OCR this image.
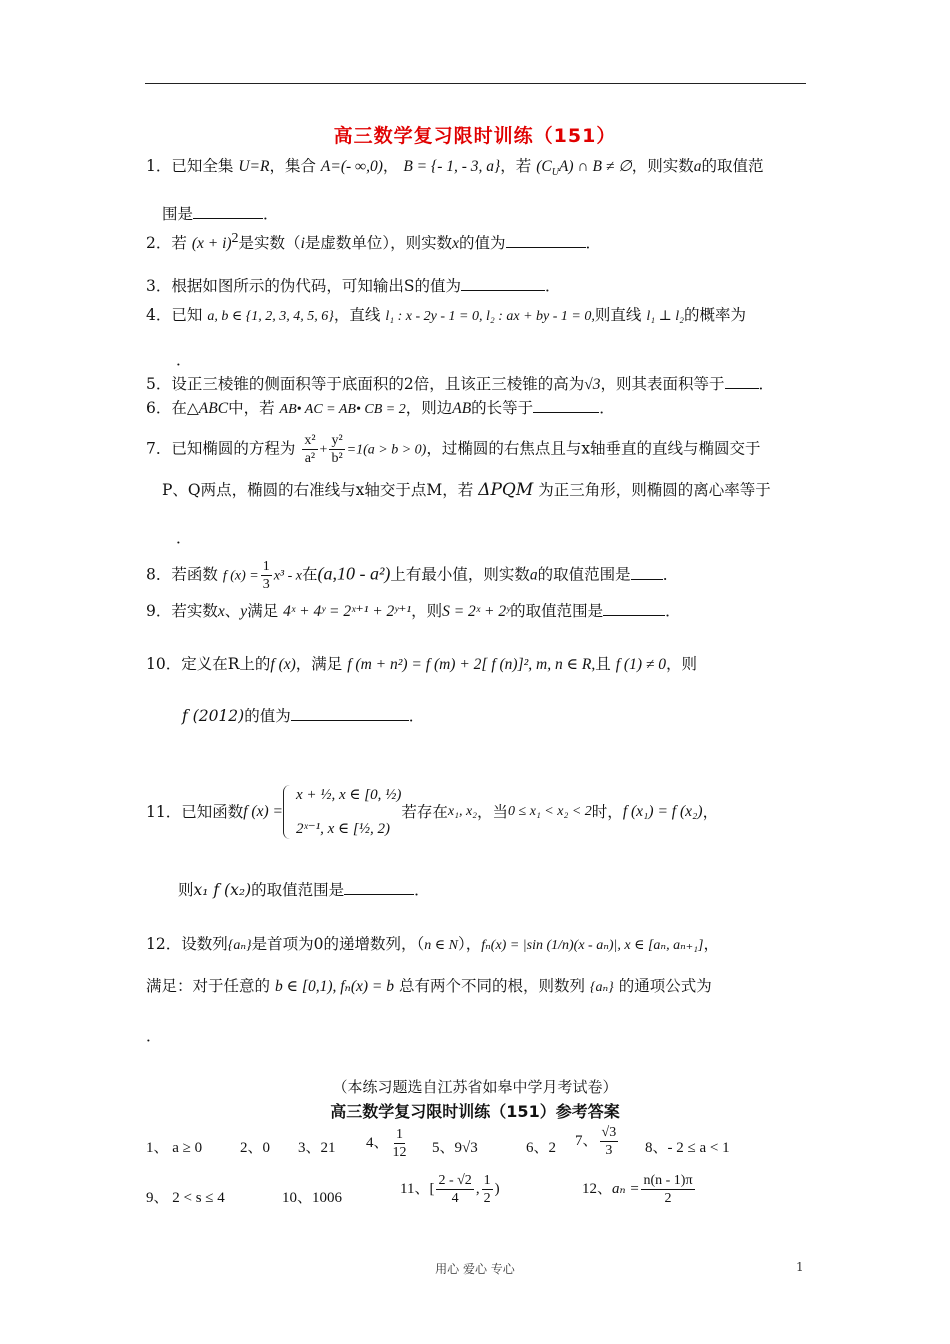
高三数学复习限时训练（151）
1．已知全集 U=R，集合 A=(- ∞,0)， B = {- 1, - 3, a}，若 $(C_UA)$ ∩ B ≠ ∅，则实数a的取值范
围是	．
2．若 $(x + i)^2$是实数（i是虚数单位），则实数x的值为	．
3．根据如图所示的伪代码，可知输出S的值为	．
4．已知 a, b ∈ {1, 2, 3, 4, 5, 6}，直线 l₁ : x - 2y - 1 = 0, l₂ : ax + by - 1 = 0,则直线 l₁ ⊥ l₂的概率为
．
5．设正三棱锥的侧面积等于底面积的2倍，且该正三棱锥的高为√3，则其表面积等于 ．
6．在△ABC中，若 AB• AC = AB• CB = 2，则边AB的长等于	．
7．已知椭圆的方程为 $\frac{\text{x²}}{\text{a²}} + \frac{\text{y²}}{\text{b²}} =1(a > b > 0)$，过椭圆的右焦点且与x轴垂直的直线与椭圆交于
P、Q两点，椭圆的右准线与x轴交于点M，若 ΔPQM 为正三角形，则椭圆的离心率等于
．
8．若函数 f $(x) = \frac{1}{3} x^3 - x$在(a,10 - a²)上有最小值，则实数a的取值范围是 ．
9．若实数x、y满足 4ˣ + 4ʸ = 2ˣ⁺¹ + 2ʸ⁺¹，则S = 2ˣ + 2ʸ的取值范围是	．
10．定义在R上的f (x)，满足 f (m + n²) = f (m) + 2[ f (n)]², m, n ∈ R,且 f (1) ≠ 0，则
f (2012)的值为	．
11． 已知函数 f (x) =
x + ½, x ∈ [0, ½)
2ˣ⁻¹, x ∈ [½, 2)
若存在 x₁, x₂ ，当 0 ≤ x₁ < x₂ < 2 时， f (x₁) = f (x₂) ，
则x₁ f (x₂)的取值范围是	．
12．设数列{aₙ}是首项为0的递增数列，（n ∈ N），fₙ(x) = |sin (1/n)(x - aₙ)|, x ∈ [aₙ, aₙ₊₁]，
满足：对于任意的 b ∈ [0,1), fₙ(x) = b 总有两个不同的根，则数列 {aₙ} 的通项公式为
．
（本练习题选自江苏省如皋中学月考试卷）
高三数学复习限时训练（151）参考答案
1、 a ≥ 0	2、0 3、21 4、 $\frac{1}{12} 5$、9√3	6、2 7、 $\frac{√3}{3} 8$、- 2 ≤ a < 1
9、 2 < s ≤ 4	10、1006
11、[ $\frac{2 - √2}{4}$ , $\frac{1}{2}$ )	12、$a_n = \frac{n(n - 1)\pi}{2}$
用心 爱心 专心	1
